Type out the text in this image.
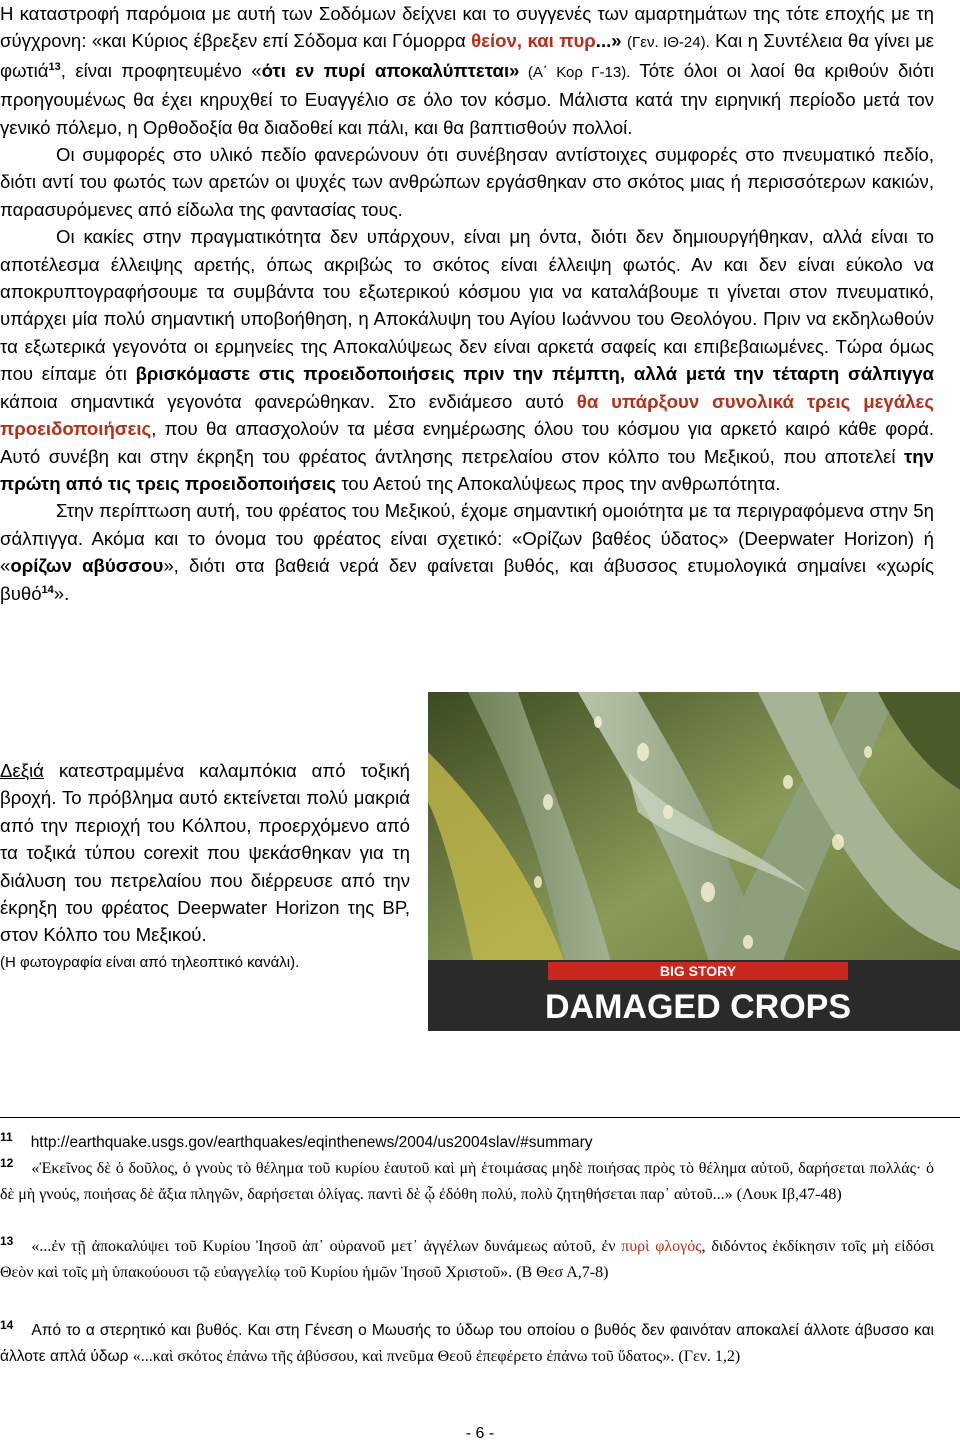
Η καταστροφή παρόμοια με αυτή των Σοδόμων δείχνει και το συγγενές των αμαρτημάτων της τότε εποχής με τη σύγχρονη: «και Κύριος έβρεξεν επί Σόδομα και Γόμορρα θείον, και πυρ...» (Γεν. ΙΘ-24). Και η Συντέλεια θα γίνει με φωτιά$^{13}$, είναι προφητευμένο «ότι εν πυρί αποκαλύπτεται» (Α΄ Κορ Γ-13). Τότε όλοι οι λαοί θα κριθούν διότι προηγουμένως θα έχει κηρυχθεί το Ευαγγέλιο σε όλο τον κόσμο. Μάλιστα κατά την ειρηνική περίοδο μετά τον γενικό πόλεμο, η Ορθοδοξία θα διαδοθεί και πάλι, και θα βαπτισθούν πολλοί.

Οι συμφορές στο υλικό πεδίο φανερώνουν ότι συνέβησαν αντίστοιχες συμφορές στο πνευματικό πεδίο, διότι αντί του φωτός των αρετών οι ψυχές των ανθρώπων εργάσθηκαν στο σκότος μιας ή περισσότερων κακιών, παρασυρόμενες από είδωλα της φαντασίας τους.

Οι κακίες στην πραγματικότητα δεν υπάρχουν, είναι μη όντα, διότι δεν δημιουργήθηκαν, αλλά είναι το αποτέλεσμα έλλειψης αρετής, όπως ακριβώς το σκότος είναι έλλειψη φωτός. Αν και δεν είναι εύκολο να αποκρυπτογραφήσουμε τα συμβάντα του εξωτερικού κόσμου για να καταλάβουμε τι γίνεται στον πνευματικό, υπάρχει μία πολύ σημαντική υποβοήθηση, η Αποκάλυψη του Αγίου Ιωάννου του Θεολόγου. Πριν να εκδηλωθούν τα εξωτερικά γεγονότα οι ερμηνείες της Αποκαλύψεως δεν είναι αρκετά σαφείς και επιβεβαιωμένες. Τώρα όμως που είπαμε ότι βρισκόμαστε στις προειδοποιήσεις πριν την πέμπτη, αλλά μετά την τέταρτη σάλπιγγα κάποια σημαντικά γεγονότα φανερώθηκαν. Στο ενδιάμεσο αυτό θα υπάρξουν συνολικά τρεις μεγάλες προειδοποιήσεις, που θα απασχολούν τα μέσα ενημέρωσης όλου του κόσμου για αρκετό καιρό κάθε φορά. Αυτό συνέβη και στην έκρηξη του φρέατος άντλησης πετρελαίου στον κόλπο του Μεξικού, που αποτελεί την πρώτη από τις τρεις προειδοποιήσεις του Αετού της Αποκαλύψεως προς την ανθρωπότητα.

Στην περίπτωση αυτή, του φρέατος του Μεξικού, έχομε σημαντική ομοιότητα με τα περιγραφόμενα στην 5η σάλπιγγα. Ακόμα και το όνομα του φρέατος είναι σχετικό: «Ορίζων βαθέος ύδατος» (Deepwater Horizon) ή «ορίζων αβύσσου», διότι στα βαθειά νερά δεν φαίνεται βυθός, και άβυσσος ετυμολογικά σημαίνει «χωρίς βυθό$^{14}$».

BIG STORY
DAMAGED CROPS
Δεξιά κατεστραμμένα καλαμπόκια από τοξική βροχή. Το πρόβλημα αυτό εκτείνεται πολύ μακριά από την περιοχή του Κόλπου, προερχόμενο από τα τοξικά τύπου corexit που ψεκάσθηκαν για τη διάλυση του πετρελαίου που διέρρευσε από την έκρηξη του φρέατος Deepwater Horizon της BP, στον Κόλπο του Μεξικού.
(Η φωτογραφία είναι από τηλεοπτικό κανάλι).
$^{11}$ http://earthquake.usgs.gov/earthquakes/eqinthenews/2004/us2004slav/#summary
$^{12}$ «Ἐκεῖνος δὲ ὁ δοῦλος, ὁ γνοὺς τὸ θέλημα τοῦ κυρίου ἑαυτοῦ καὶ μὴ ἑτοιμάσας μηδὲ ποιήσας πρὸς τὸ θέλημα αὐτοῦ, δαρήσεται πολλάς· ὁ δὲ μὴ γνούς, ποιήσας δὲ ἄξια πληγῶν, δαρήσεται ὀλίγας. παντὶ δὲ ᾧ ἐδόθη πολύ, πολὺ ζητηθήσεται παρ᾽ αὐτοῦ...» (Λουκ Ιβ,47-48)
$^{13}$ «...ἐν τῇ ἀποκαλύψει τοῦ Κυρίου Ἰησοῦ ἀπ᾽ οὐρανοῦ μετ᾽ ἀγγέλων δυνάμεως αὐτοῦ, ἐν πυρὶ φλογός, διδόντος ἐκδίκησιν τοῖς μὴ εἰδόσι Θεὸν καὶ τοῖς μὴ ὑπακούουσι τῷ εὐαγγελίῳ τοῦ Κυρίου ἡμῶν Ἰησοῦ Χριστοῦ». (Β Θεσ Α,7-8)
$^{14}$ Από το α στερητικό και βυθός. Και στη Γένεση ο Μωυσής το ύδωρ του οποίου ο βυθός δεν φαινόταν αποκαλεί άλλοτε άβυσσο και άλλοτε απλά ύδωρ «...καὶ σκότος ἐπάνω τῆς ἀβύσσου, καὶ πνεῦμα Θεοῦ ἐπεφέρετο ἐπάνω τοῦ ὕδατος». (Γεν. 1,2)
- 6 -
